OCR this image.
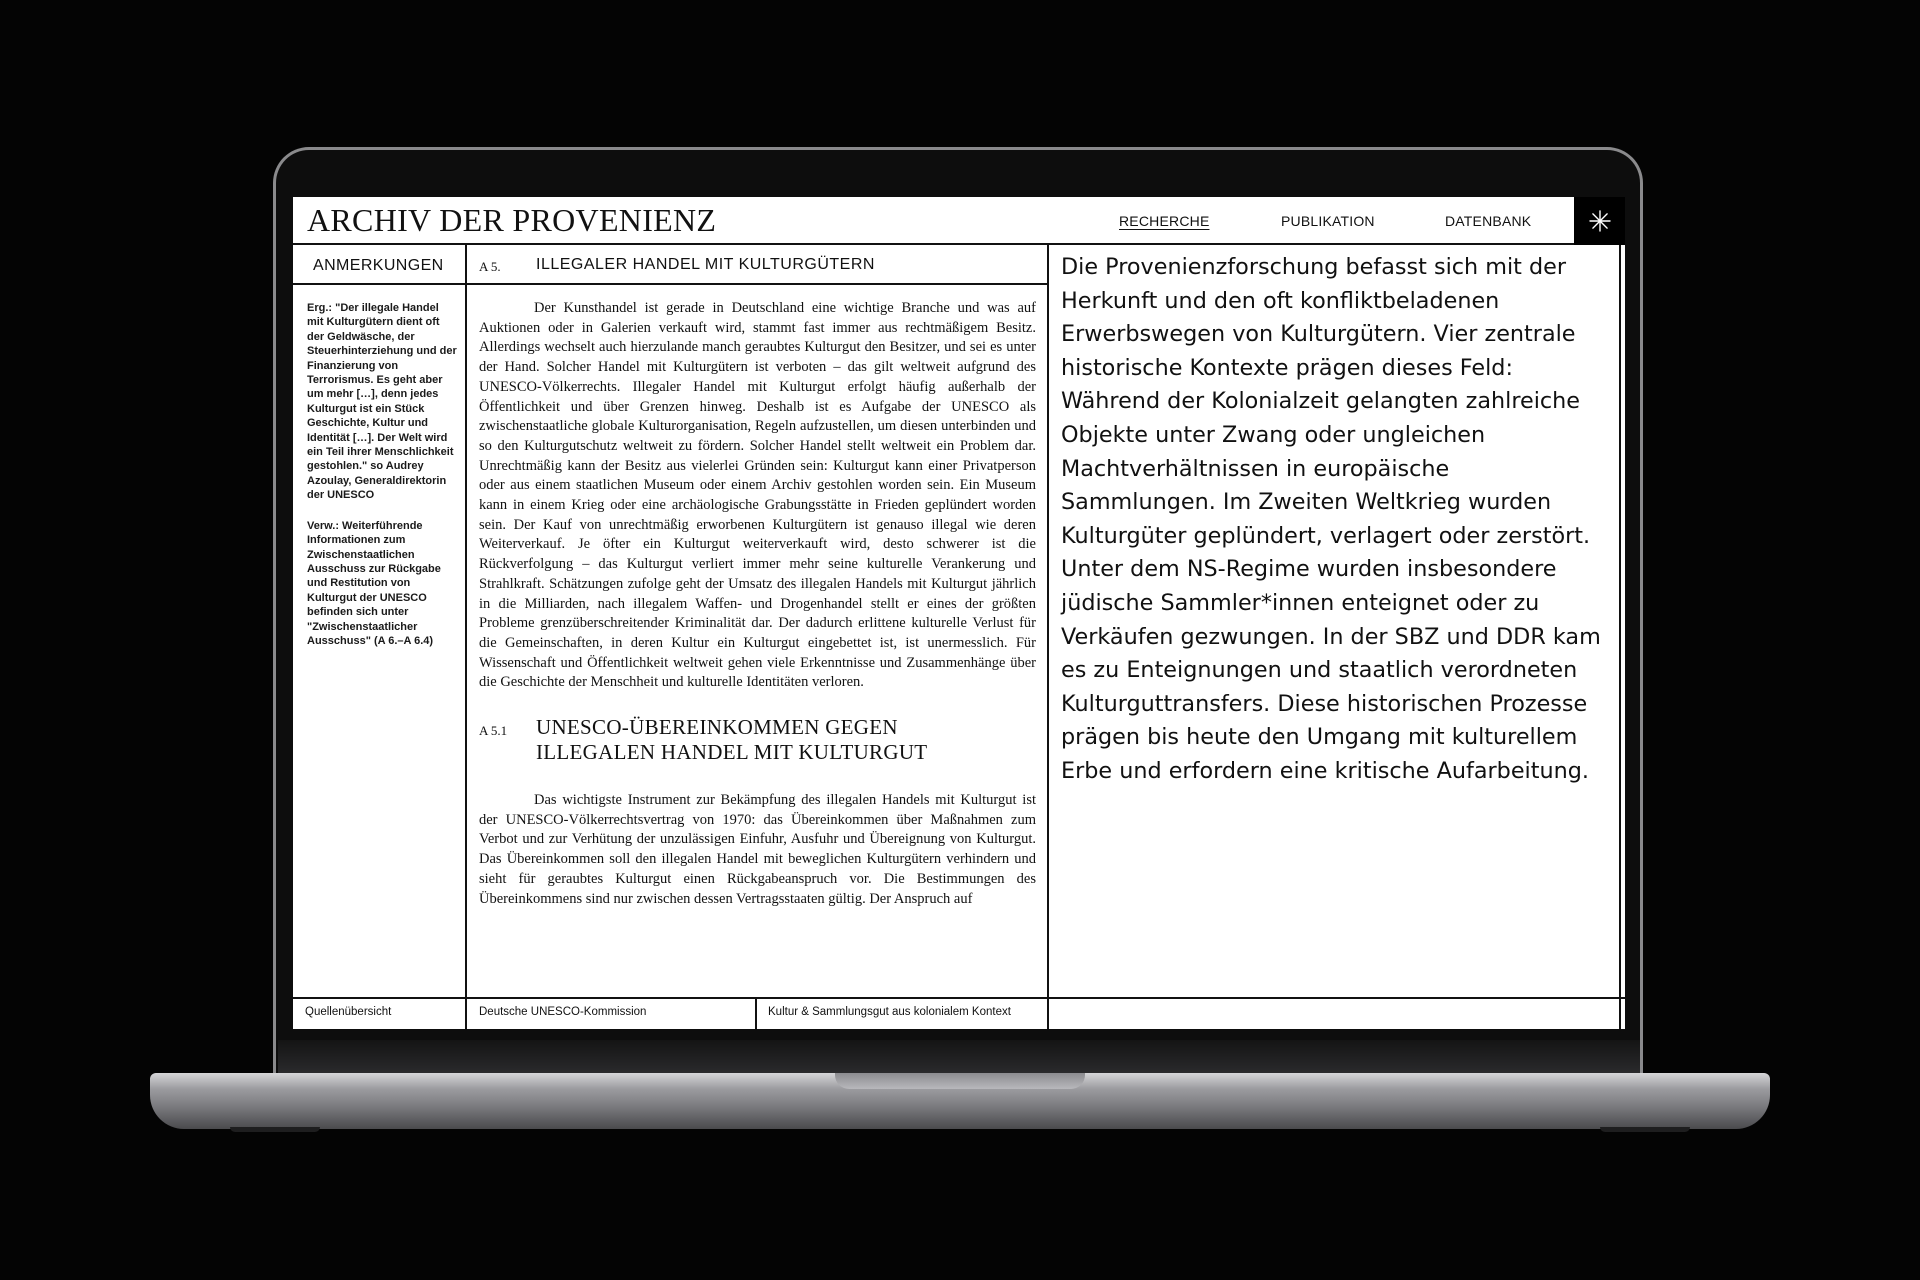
ARCHIV DER PROVENIENZ	RECHERCHE	PUBLIKATION	DATENBANK
ANMERKUNGEN

Erg.: "Der illegale Handel mit Kulturgütern dient oft der Geldwäsche, der Steuerhinterziehung und der Finanzierung von Terrorismus. Es geht aber um mehr […], denn jedes Kulturgut ist ein Stück Geschichte, Kultur und Identität […]. Der Welt wird ein Teil ihrer Menschlichkeit gestohlen." so Audrey Azoulay, Generaldirektorin der UNESCO

Verw.: Weiterführende Informationen zum Zwischenstaatlichen Ausschuss zur Rückgabe und Restitution von Kulturgut der UNESCO befinden sich unter "Zwischenstaatlicher Ausschuss" (A 6.–A 6.4)

A 5. ILLEGALER HANDEL MIT KULTURGÜTERN

Der Kunsthandel ist gerade in Deutschland eine wichtige Branche und was auf Auktionen oder in Galerien verkauft wird, stammt fast immer aus rechtmäßigem Besitz. Allerdings wechselt auch hierzulande manch geraubtes Kulturgut den Besitzer, und sei es unter der Hand. Solcher Handel mit Kulturgütern ist verboten – das gilt weltweit aufgrund des UNESCO-Völkerrechts. Illegaler Handel mit Kulturgut erfolgt häufig außerhalb der Öffentlichkeit und über Grenzen hinweg. Deshalb ist es Aufgabe der UNESCO als zwischenstaatliche globale Kulturorganisation, Regeln aufzustellen, um diesen unterbinden und so den Kulturgutschutz weltweit zu fördern. Solcher Handel stellt weltweit ein Problem dar. Unrechtmäßig kann der Besitz aus vielerlei Gründen sein: Kulturgut kann einer Privatperson oder aus einem staatlichen Museum oder einem Archiv gestohlen worden sein. Ein Museum kann in einem Krieg oder eine archäologische Grabungsstätte in Frieden geplündert worden sein. Der Kauf von unrechtmäßig erworbenen Kulturgütern ist genauso illegal wie deren Weiterverkauf. Je öfter ein Kulturgut weiterverkauft wird, desto schwerer ist die Rückverfolgung – das Kulturgut verliert immer mehr seine kulturelle Verankerung und Strahlkraft. Schätzungen zufolge geht der Umsatz des illegalen Handels mit Kulturgut jährlich in die Milliarden, nach illegalem Waffen- und Drogenhandel stellt er eines der größten Probleme grenzüberschreitender Kriminalität dar. Der dadurch erlittene kulturelle Verlust für die Gemeinschaften, in deren Kultur ein Kulturgut eingebettet ist, ist unermesslich. Für Wissenschaft und Öffentlichkeit weltweit gehen viele Erkenntnisse und Zusammenhänge über die Geschichte der Menschheit und kulturelle Identitäten verloren.

A 5.1 UNESCO-ÜBEREINKOMMEN GEGEN
ILLEGALEN HANDEL MIT KULTURGUT

Das wichtigste Instrument zur Bekämpfung des illegalen Handels mit Kulturgut ist der UNESCO-Völkerrechtsvertrag von 1970: das Übereinkommen über Maßnahmen zum Verbot und zur Verhütung der unzulässigen Einfuhr, Ausfuhr und Übereignung von Kulturgut. Das Übereinkommen soll den illegalen Handel mit beweglichen Kulturgütern verhindern und sieht für geraubtes Kulturgut einen Rückgabeanspruch vor. Die Bestimmungen des Übereinkommens sind nur zwischen dessen Vertragsstaaten gültig. Der Anspruch auf

Die Provenienzforschung befasst sich mit der Herkunft und den oft konfliktbeladenen Erwerbswegen von Kulturgütern. Vier zentrale historische Kontexte prägen dieses Feld: Während der Kolonialzeit gelangten zahlreiche Objekte unter Zwang oder ungleichen Machtverhältnissen in europäische Sammlungen. Im Zweiten Weltkrieg wurden Kulturgüter geplündert, verlagert oder zerstört. Unter dem NS-Regime wurden insbesondere jüdische Sammler*innen enteignet oder zu Verkäufen gezwungen. In der SBZ und DDR kam es zu Enteignungen und staatlich verordneten Kulturguttransfers. Diese historischen Prozesse prägen bis heute den Umgang mit kulturellem Erbe und erfordern eine kritische Aufarbeitung.

Quellenübersicht	Deutsche UNESCO-Kommission	Kultur & Sammlungsgut aus kolonialem Kontext
